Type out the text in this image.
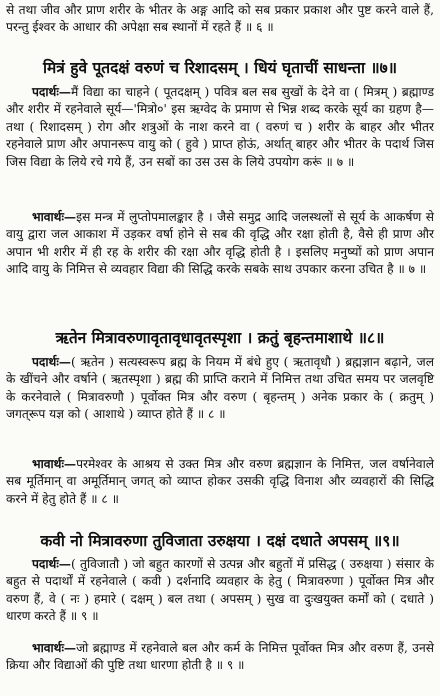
से तथा जीव और प्राण शरीर के भीतर के अङ्ग आदि को सब प्रकार प्रकाश और पुष्ट करने वाले हैं, परन्तु ईश्वर के आधार की अपेक्षा सब स्थानों में रहते हैं ॥ ६ ॥

मित्रं हुवे पूतदक्षं वरुणं च रिशादसम् । धियं घृताचीं साधन्ता ॥७॥

पदार्थः—मैं विद्या का चाहने ( पूतदक्षम् ) पवित्र बल सब सुखों के देने वा ( मित्रम् ) ब्रह्माण्ड और शरीर में रहनेवाले सूर्य—'मित्रो०' इस ऋग्वेद के प्रमाण से भिन्न शब्द करके सूर्य का ग्रहण है—तथा ( रिशादसम् ) रोग और शत्रुओं के नाश करने वा ( वरुणं च ) शरीर के बाहर और भीतर रहनेवाले प्राण और अपानरूप वायु को ( हुवे ) प्राप्त होऊं, अर्थात् बाहर और भीतर के पदार्थ जिस जिस विद्या के लिये रचे गये हैं, उन सबों का उस उस के लिये उपयोग करूं ॥ ७ ॥

भावार्थः—इस मन्त्र में लुप्तोपमालङ्कार है । जैसे समुद्र आदि जलस्थलों से सूर्य के आकर्षण से वायु द्वारा जल आकाश में उड़कर वर्षा होने से सब की वृद्धि और रक्षा होती है, वैसे ही प्राण और अपान भी शरीर में ही रह के शरीर की रक्षा और वृद्धि होती है । इसलिए मनुष्यों को प्राण अपान आदि वायु के निमित्त से व्यवहार विद्या की सिद्धि करके सबके साथ उपकार करना उचित है ॥ ७ ॥

ऋतेन मित्रावरुणावृतावृधावृतस्पृशा । क्रतुं बृहन्तमाशाथे ॥८॥

पदार्थः—( ऋतेन ) सत्यस्वरूप ब्रह्म के नियम में बंधे हुए ( ऋतावृधौ ) ब्रह्मज्ञान बढ़ाने, जल के खींचने और वर्षाने ( ऋतस्पृशा ) ब्रह्म की प्राप्ति कराने में निमित्त तथा उचित समय पर जलवृष्टि के करनेवाले ( मित्रावरुणौ ) पूर्वोक्त मित्र और वरुण ( बृहन्तम् ) अनेक प्रकार के ( क्रतुम् ) जगत्‌रूप यज्ञ को ( आशाथे ) व्याप्त होते हैं ॥ ८ ॥

भावार्थः—परमेश्वर के आश्रय से उक्त मित्र और वरुण ब्रह्मज्ञान के निमित्त, जल वर्षानेवाले सब मूर्तिमान् वा अमूर्तिमान् जगत् को व्याप्त होकर उसकी वृद्धि विनाश और व्यवहारों की सिद्धि करने में हेतु होते हैं ॥ ८ ॥

कवी नो मित्रावरुणा तुविजाता उरुक्षया । दक्षं दधाते अपसम् ॥९॥

पदार्थः—( तुविजातौ ) जो बहुत कारणों से उत्पन्न और बहुतों में प्रसिद्ध ( उरुक्षया ) संसार के बहुत से पदार्थों में रहनेवाले ( कवी ) दर्शनादि व्यवहार के हेतु ( मित्रावरुणा ) पूर्वोक्त मित्र और वरुण हैं, वे ( नः ) हमारे ( दक्षम् ) बल तथा ( अपसम् ) सुख वा दुःखयुक्त कर्मों को ( दधाते ) धारण करते हैं ॥ ९ ॥

भावार्थः—जो ब्रह्माण्ड में रहनेवाले बल और कर्म के निमित्त पूर्वोक्त मित्र और वरुण हैं, उनसे क्रिया और विद्याओं की पुष्टि तथा धारणा होती है ॥ ९ ॥
